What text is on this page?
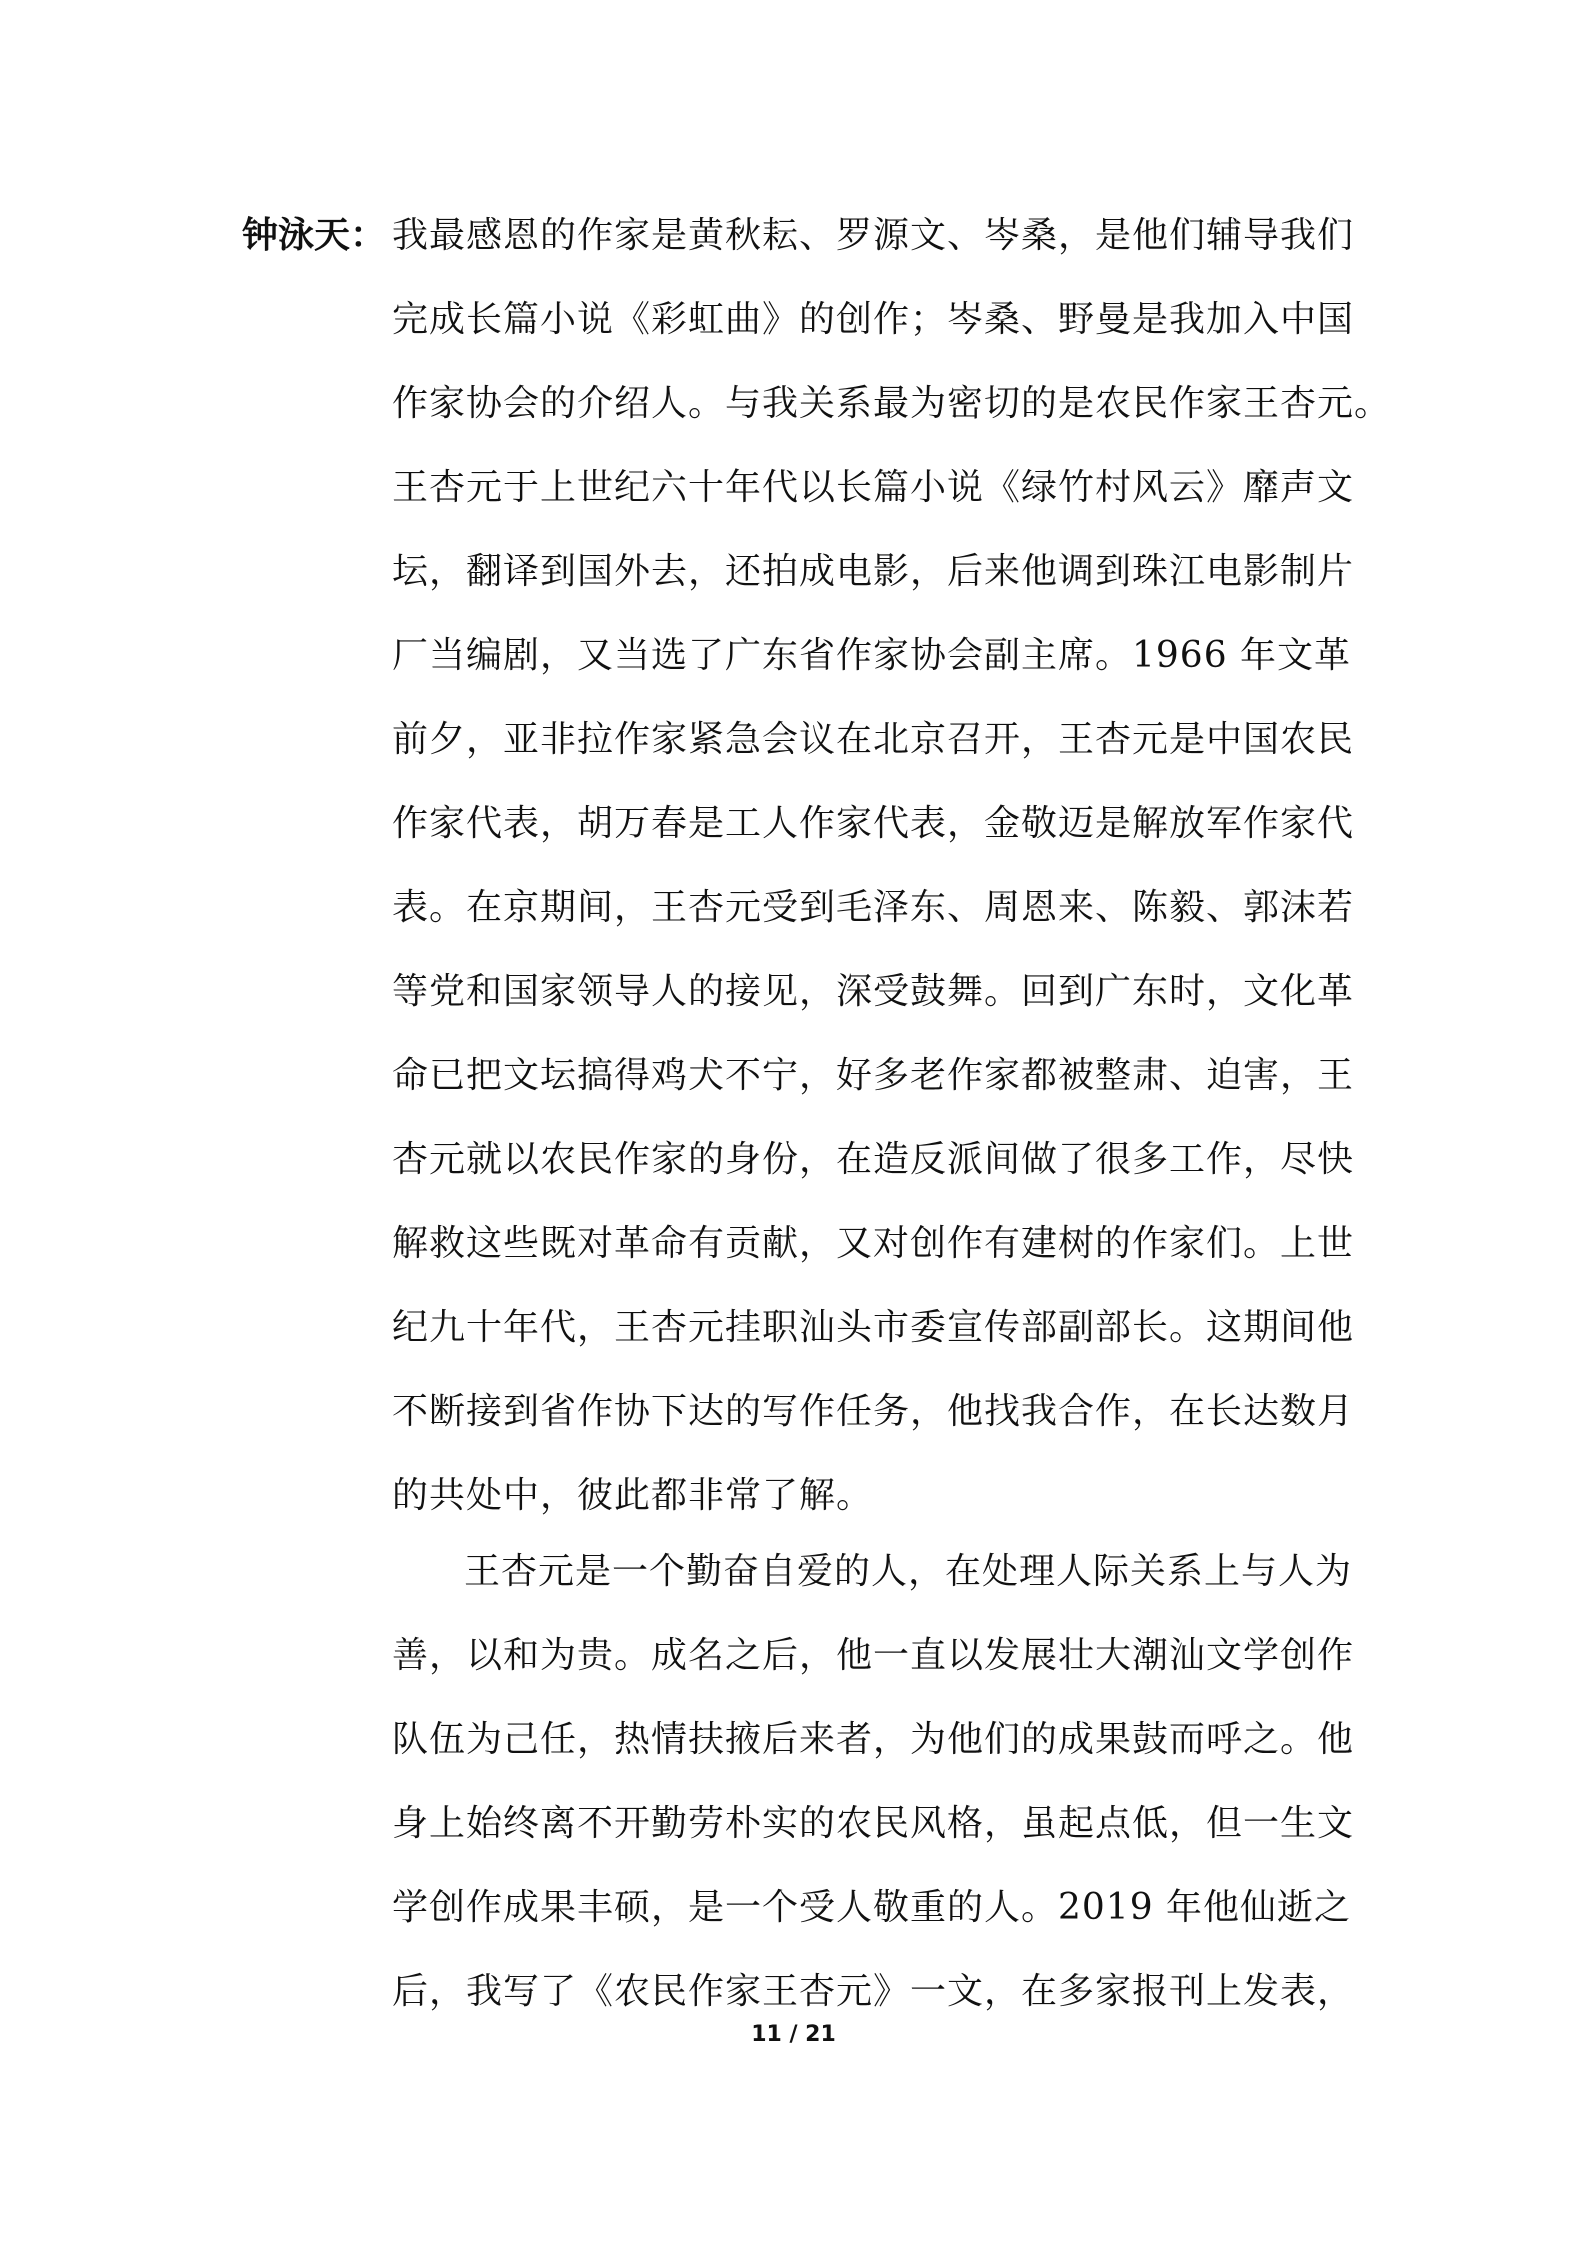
钟泳天： 我最感恩的作家是黄秋耘、罗源文、岑桑，是他们辅导我们
完成长篇小说《彩虹曲》的创作；岑桑、野曼是我加入中国
作家协会的介绍人。与我关系最为密切的是农民作家王杏元。
王杏元于上世纪六十年代以长篇小说《绿竹村风云》靡声文
坛，翻译到国外去，还拍成电影，后来他调到珠江电影制片
厂当编剧，又当选了广东省作家协会副主席。1966 年文革
前夕，亚非拉作家紧急会议在北京召开，王杏元是中国农民
作家代表，胡万春是工人作家代表，金敬迈是解放军作家代
表。在京期间，王杏元受到毛泽东、周恩来、陈毅、郭沫若
等党和国家领导人的接见，深受鼓舞。回到广东时，文化革
命已把文坛搞得鸡犬不宁，好多老作家都被整肃、迫害，王
杏元就以农民作家的身份，在造反派间做了很多工作，尽快
解救这些既对革命有贡献，又对创作有建树的作家们。上世
纪九十年代，王杏元挂职汕头市委宣传部副部长。这期间他
不断接到省作协下达的写作任务，他找我合作，在长达数月
的共处中，彼此都非常了解。

王杏元是一个勤奋自爱的人，在处理人际关系上与人为
善，以和为贵。成名之后，他一直以发展壮大潮汕文学创作
队伍为己任，热情扶掖后来者，为他们的成果鼓而呼之。他
身上始终离不开勤劳朴实的农民风格，虽起点低，但一生文
学创作成果丰硕，是一个受人敬重的人。2019 年他仙逝之
后，我写了《农民作家王杏元》一文，在多家报刊上发表，

11 / 21
